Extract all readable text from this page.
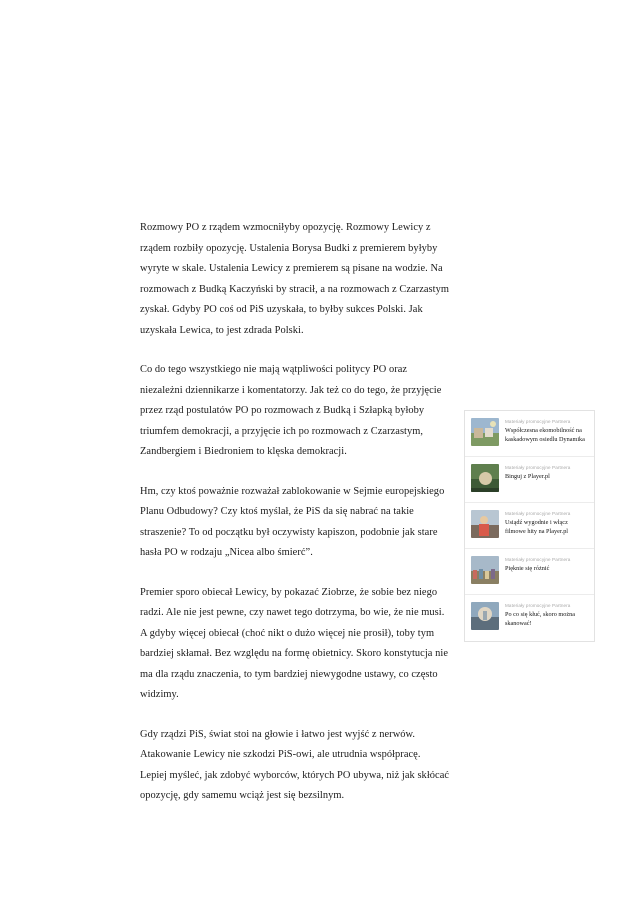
Rozmowy PO z rządem wzmocniłyby opozycję. Rozmowy Lewicy z rządem rozbiły opozycję. Ustalenia Borysa Budki z premierem byłyby wyryte w skale. Ustalenia Lewicy z premierem są pisane na wodzie. Na rozmowach z Budką Kaczyński by stracił, a na rozmowach z Czarzastym zyskał. Gdyby PO coś od PiS uzyskała, to byłby sukces Polski. Jak uzyskała Lewica, to jest zdrada Polski.

Co do tego wszystkiego nie mają wątpliwości politycy PO oraz niezależni dziennikarze i komentatorzy. Jak też co do tego, że przyjęcie przez rząd postulatów PO po rozmowach z Budką i Szłapką byłoby triumfem demokracji, a przyjęcie ich po rozmowach z Czarzastym, Zandbergiem i Biedroniem to klęska demokracji.

Hm, czy ktoś poważnie rozważał zablokowanie w Sejmie europejskiego Planu Odbudowy? Czy ktoś myślał, że PiS da się nabrać na takie straszenie? To od początku był oczywisty kapiszon, podobnie jak stare hasła PO w rodzaju „Nicea albo śmierć”.

Premier sporo obiecał Lewicy, by pokazać Ziobrze, że sobie bez niego radzi. Ale nie jest pewne, czy nawet tego dotrzyma, bo wie, że nie musi. A gdyby więcej obiecał (choć nikt o dużo więcej nie prosił), toby tym bardziej skłamał. Bez względu na formę obietnicy. Skoro konstytucja nie ma dla rządu znaczenia, to tym bardziej niewygodne ustawy, co często widzimy.

Gdy rządzi PiS, świat stoi na głowie i łatwo jest wyjść z nerwów. Atakowanie Lewicy nie szkodzi PiS-owi, ale utrudnia współpracę. Lepiej myśleć, jak zdobyć wyborców, których PO ubywa, niż jak skłócać opozycję, gdy samemu wciąż jest się bezsilnym.

Materiały promocyjne Partnera
Współczesna ekomobilność na kaskadowym osiedlu Dynamika
Materiały promocyjne Partnera
Binguj z Player.pl
Materiały promocyjne Partnera
Usiądź wygodnie i włącz filmowe hity na Player.pl
Materiały promocyjne Partnera
Pięknie się różnić
Materiały promocyjne Partnera
Po co się kłuć, skoro można skanować!
